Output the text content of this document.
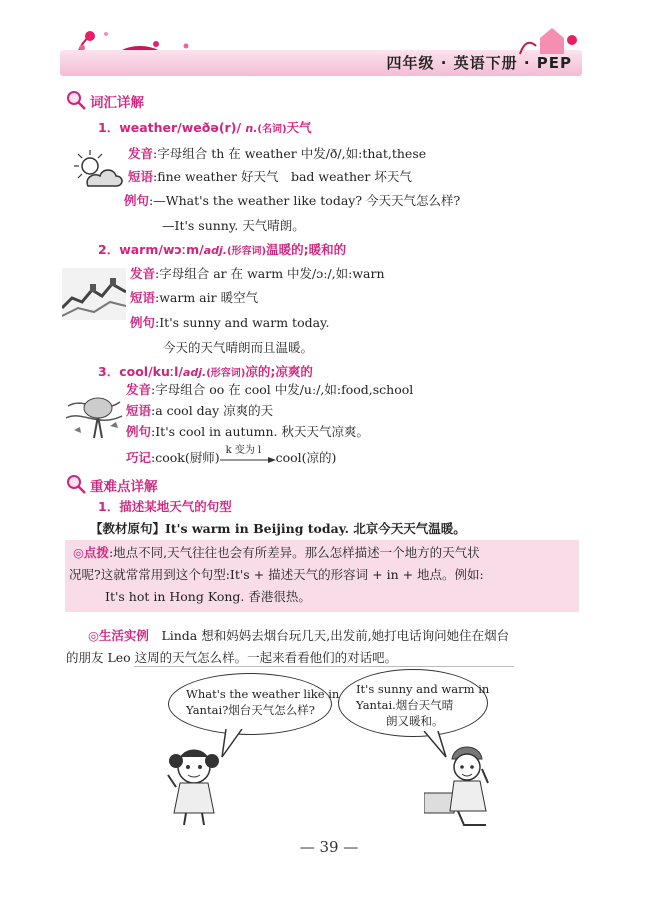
四年级 · 英语下册 · PEP
词汇详解
1．weather/weðə(r)/ n.(名词)天气
发音:字母组合 th 在 weather 中发/ð/,如:that,these
短语:fine weather 好天气　bad weather 坏天气
例句:—What's the weather like today? 今天天气怎么样?
—It's sunny. 天气晴朗。
2．warm/wɔːm/adj.(形容词)温暖的;暖和的
发音:字母组合 ar 在 warm 中发/ɔː/,如:warn
短语:warm air 暖空气
例句:It's sunny and warm today.
今天的天气晴朗而且温暖。
3．cool/kuːl/adj.(形容词)凉的;凉爽的
发音:字母组合 oo 在 cool 中发/uː/,如:food,school
短语:a cool day 凉爽的天
例句:It's cool in autumn. 秋天天气凉爽。
巧记:cook(厨师) k 变为 l cool(凉的)
重难点详解
1．描述某地天气的句型
【教材原句】It's warm in Beijing today. 北京今天天气温暖。
◎点拨:地点不同,天气往往也会有所差异。那么怎样描述一个地方的天气状
况呢?这就常常用到这个句型:It's + 描述天气的形容词 + in + 地点。例如:
It's hot in Hong Kong. 香港很热。
◎生活实例　 Linda 想和妈妈去烟台玩几天,出发前,她打电话询问她住在烟台
的朋友 Leo 这周的天气怎么样。一起来看看他们的对话吧。
What's the weather like in
Yantai?烟台天气怎么样?
It's sunny and warm in
Yantai.烟台天气晴
朗又暖和。
— 39 —
